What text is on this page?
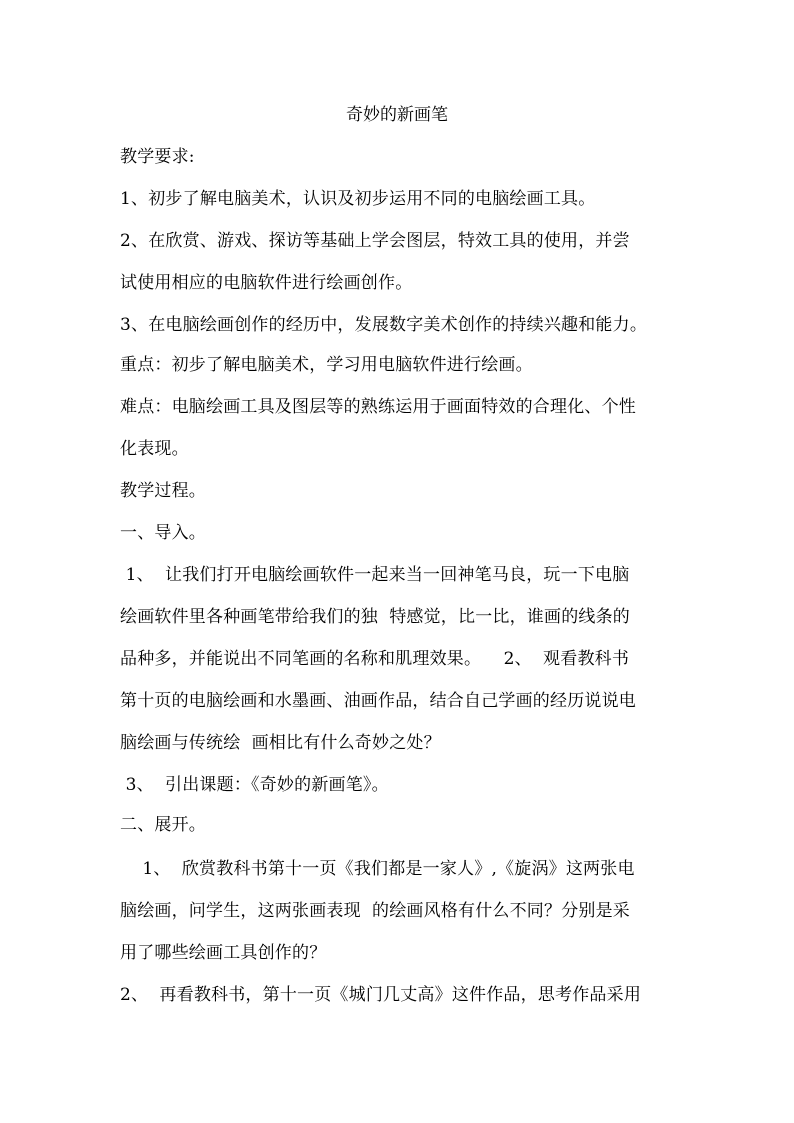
奇妙的新画笔
教学要求:
1、初步了解电脑美术，认识及初步运用不同的电脑绘画工具。
2、在欣赏、游戏、探访等基础上学会图层，特效工具的使用，并尝
试使用相应的电脑软件进行绘画创作。
3、在电脑绘画创作的经历中，发展数字美术创作的持续兴趣和能力。
重点：初步了解电脑美术，学习用电脑软件进行绘画。
难点：电脑绘画工具及图层等的熟练运用于画面特效的合理化、个性
化表现。
教学过程。
一、导入。
1、  让我们打开电脑绘画软件一起来当一回神笔马良，玩一下电脑
绘画软件里各种画笔带给我们的独  特感觉，比一比，谁画的线条的
品种多，并能说出不同笔画的名称和肌理效果。    2、  观看教科书
第十页的电脑绘画和水墨画、油画作品，结合自己学画的经历说说电
脑绘画与传统绘  画相比有什么奇妙之处？
3、  引出课题：《奇妙的新画笔》。
二、展开。
1、  欣赏教科书第十一页《我们都是一家人》,《旋涡》这两张电
脑绘画，问学生，这两张画表现  的绘画风格有什么不同？分别是采
用了哪些绘画工具创作的？
2、  再看教科书，第十一页《城门几丈高》这件作品，思考作品采用
